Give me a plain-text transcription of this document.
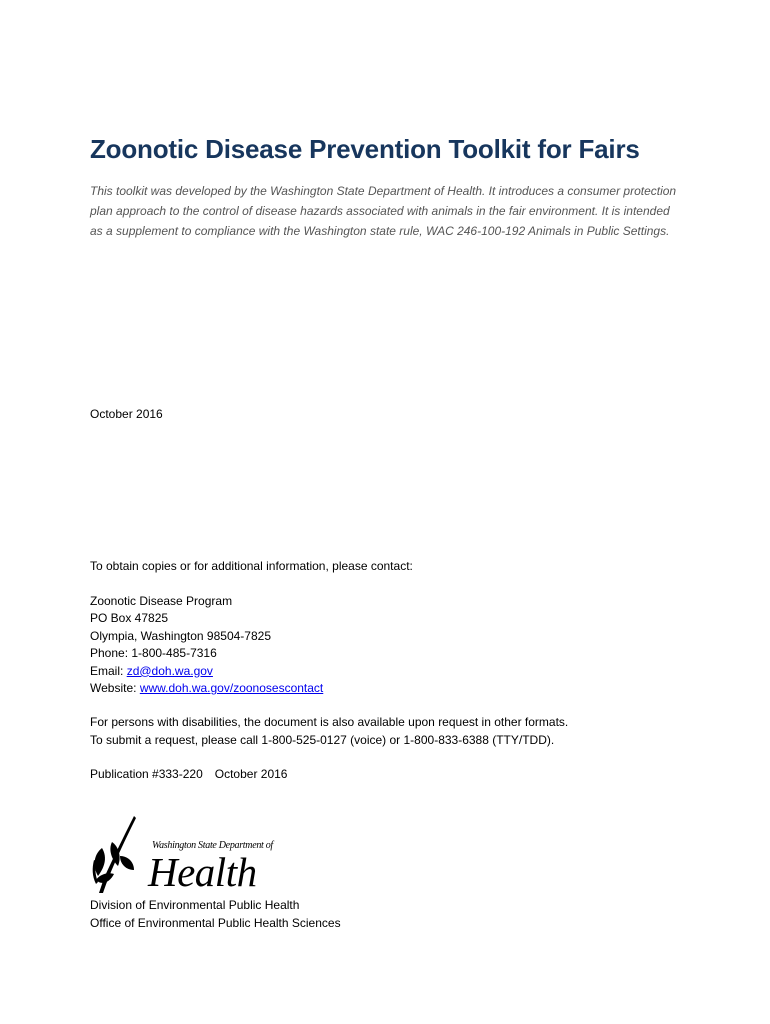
Zoonotic Disease Prevention Toolkit for Fairs
This toolkit was developed by the Washington State Department of Health. It introduces a consumer protection plan approach to the control of disease hazards associated with animals in the fair environment. It is intended as a supplement to compliance with the Washington state rule, WAC 246-100-192 Animals in Public Settings.
October 2016
To obtain copies or for additional information, please contact:
Zoonotic Disease Program
PO Box 47825
Olympia, Washington 98504-7825
Phone: 1-800-485-7316
Email: zd@doh.wa.gov
Website: www.doh.wa.gov/zoonosescontact
For persons with disabilities, the document is also available upon request in other formats.
To submit a request, please call 1-800-525-0127 (voice) or 1-800-833-6388 (TTY/TDD).
Publication #333-220 October 2016
Washington State Department of
Health
Division of Environmental Public Health
Office of Environmental Public Health Sciences
